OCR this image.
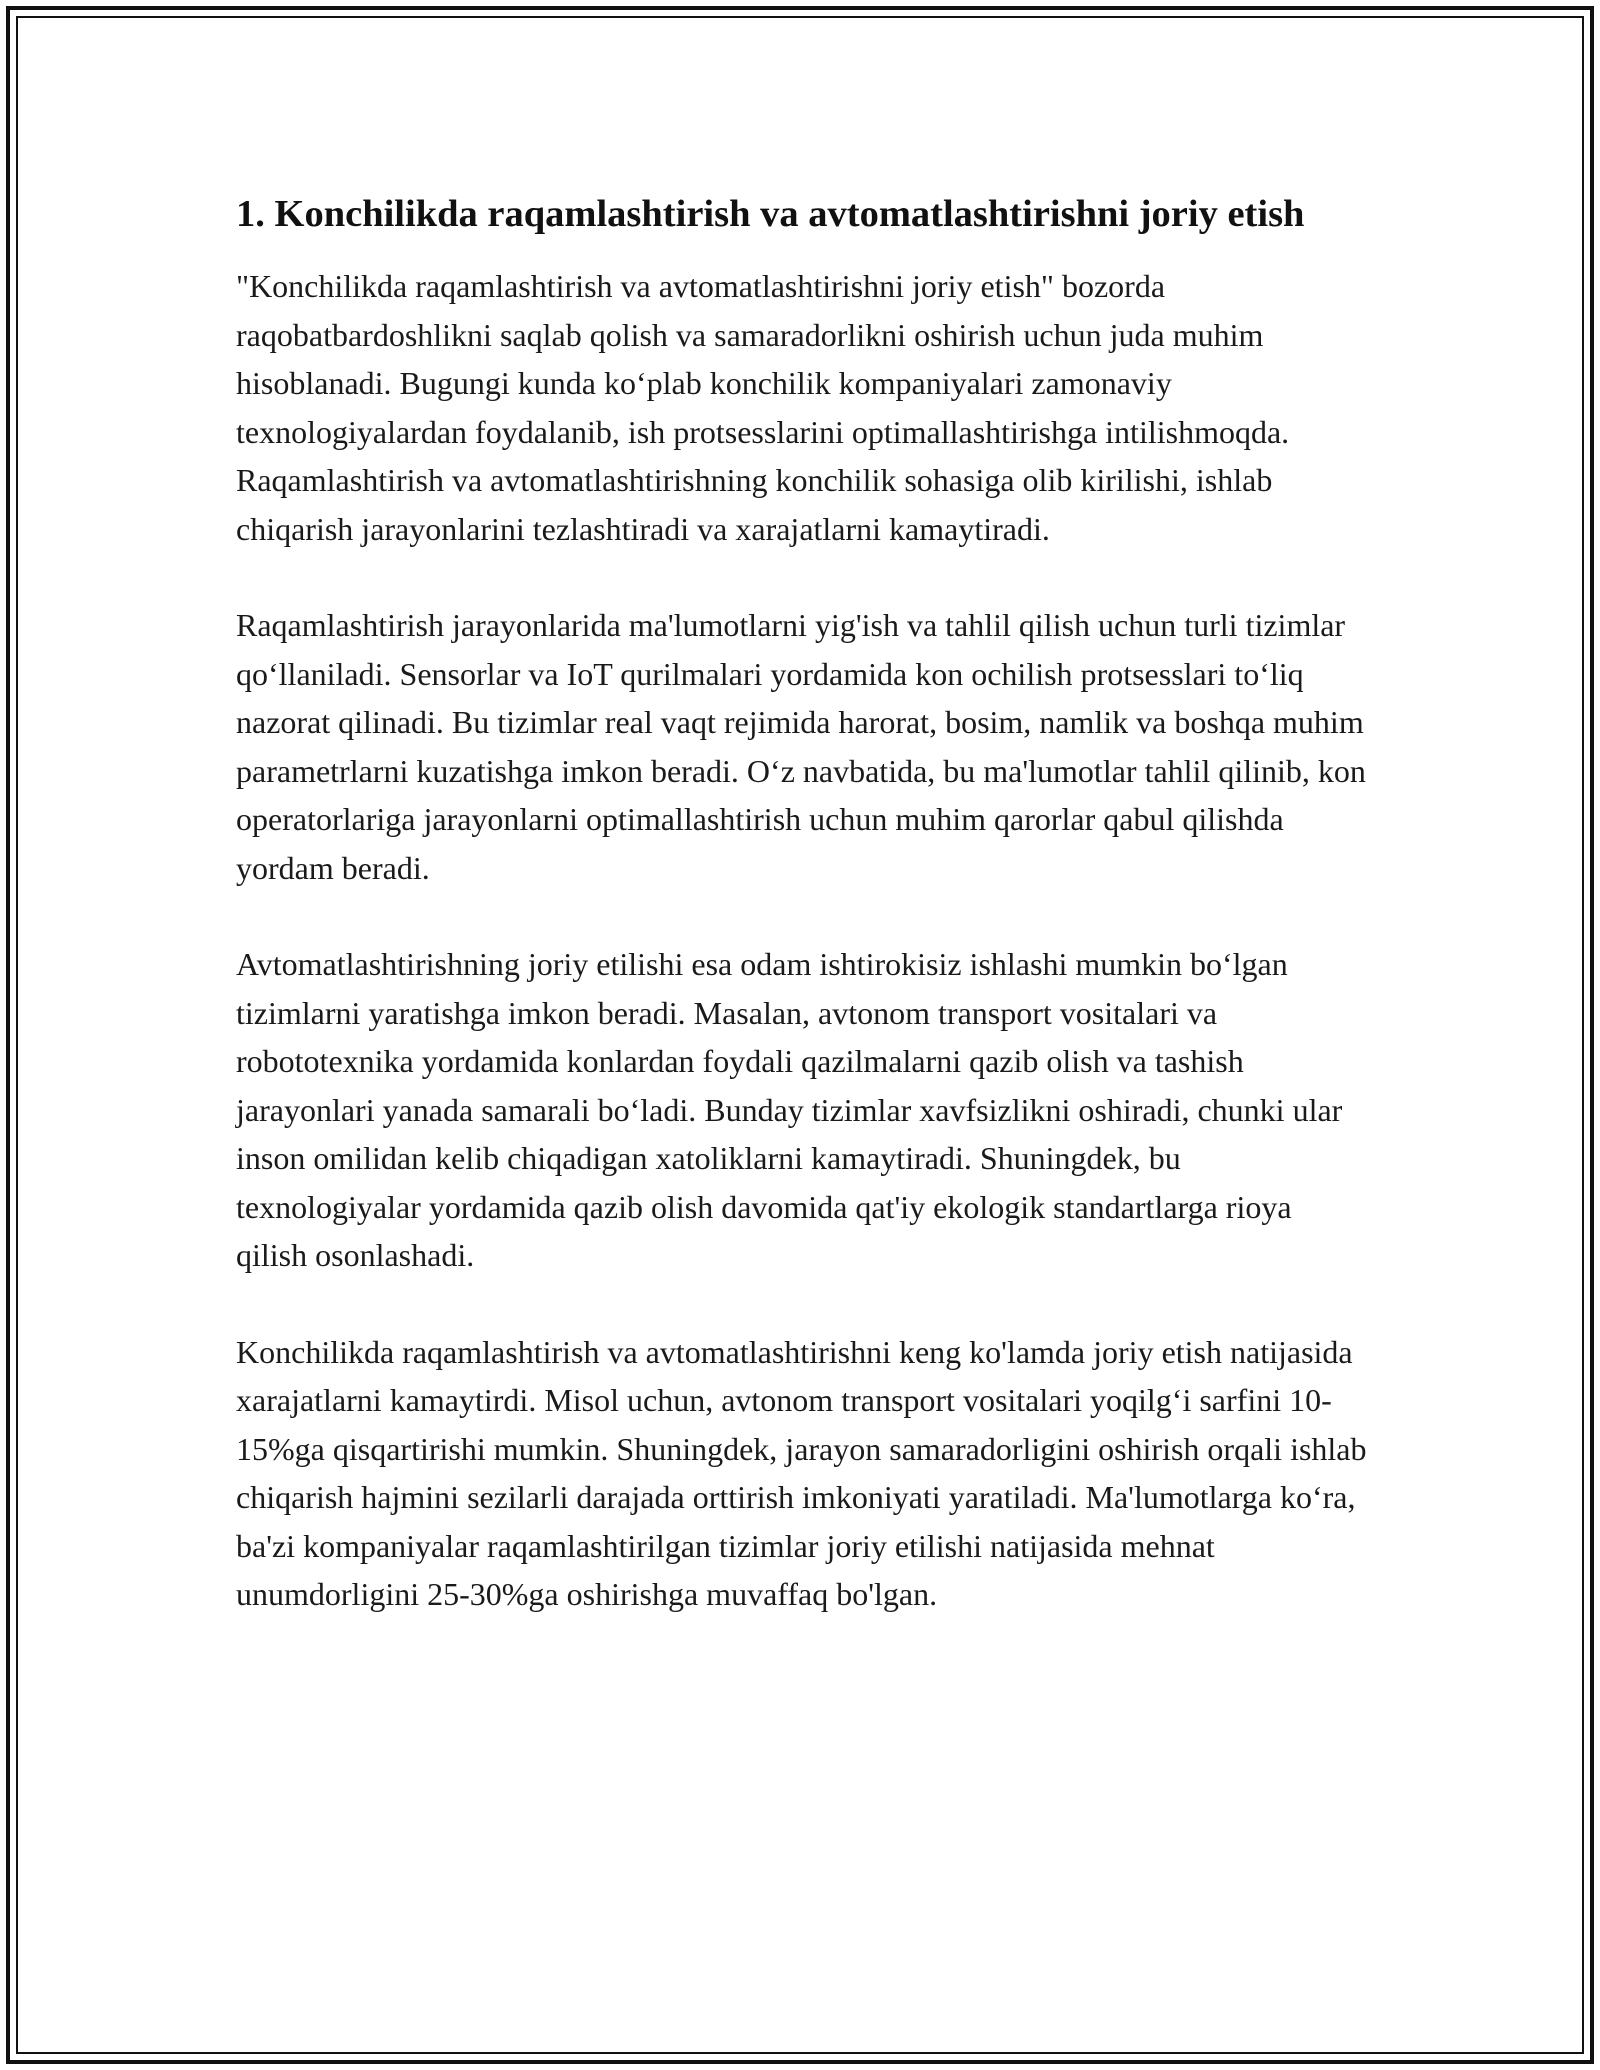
1. Konchilikda raqamlashtirish va avtomatlashtirishni joriy etish

"Konchilikda raqamlashtirish va avtomatlashtirishni joriy etish" bozorda raqobatbardoshlikni saqlab qolish va samaradorlikni oshirish uchun juda muhim hisoblanadi. Bugungi kunda ko‘plab konchilik kompaniyalari zamonaviy texnologiyalardan foydalanib, ish protsesslarini optimallashtirishga intilishmoqda. Raqamlashtirish va avtomatlashtirishning konchilik sohasiga olib kirilishi, ishlab chiqarish jarayonlarini tezlashtiradi va xarajatlarni kamaytiradi.

Raqamlashtirish jarayonlarida ma'lumotlarni yig'ish va tahlil qilish uchun turli tizimlar qo‘llaniladi. Sensorlar va IoT qurilmalari yordamida kon ochilish protsesslari to‘liq nazorat qilinadi. Bu tizimlar real vaqt rejimida harorat, bosim, namlik va boshqa muhim parametrlarni kuzatishga imkon beradi. O‘z navbatida, bu ma'lumotlar tahlil qilinib, kon operatorlariga jarayonlarni optimallashtirish uchun muhim qarorlar qabul qilishda yordam beradi.

Avtomatlashtirishning joriy etilishi esa odam ishtirokisiz ishlashi mumkin bo‘lgan tizimlarni yaratishga imkon beradi. Masalan, avtonom transport vositalari va robototexnika yordamida konlardan foydali qazilmalarni qazib olish va tashish jarayonlari yanada samarali bo‘ladi. Bunday tizimlar xavfsizlikni oshiradi, chunki ular inson omilidan kelib chiqadigan xatoliklarni kamaytiradi. Shuningdek, bu texnologiyalar yordamida qazib olish davomida qat'iy ekologik standartlarga rioya qilish osonlashadi.

Konchilikda raqamlashtirish va avtomatlashtirishni keng ko'lamda joriy etish natijasida xarajatlarni kamaytirdi. Misol uchun, avtonom transport vositalari yoqilg‘i sarfini 10-15%ga qisqartirishi mumkin. Shuningdek, jarayon samaradorligini oshirish orqali ishlab chiqarish hajmini sezilarli darajada orttirish imkoniyati yaratiladi. Ma'lumotlarga ko‘ra, ba'zi kompaniyalar raqamlashtirilgan tizimlar joriy etilishi natijasida mehnat unumdorligini 25-30%ga oshirishga muvaffaq bo'lgan.
